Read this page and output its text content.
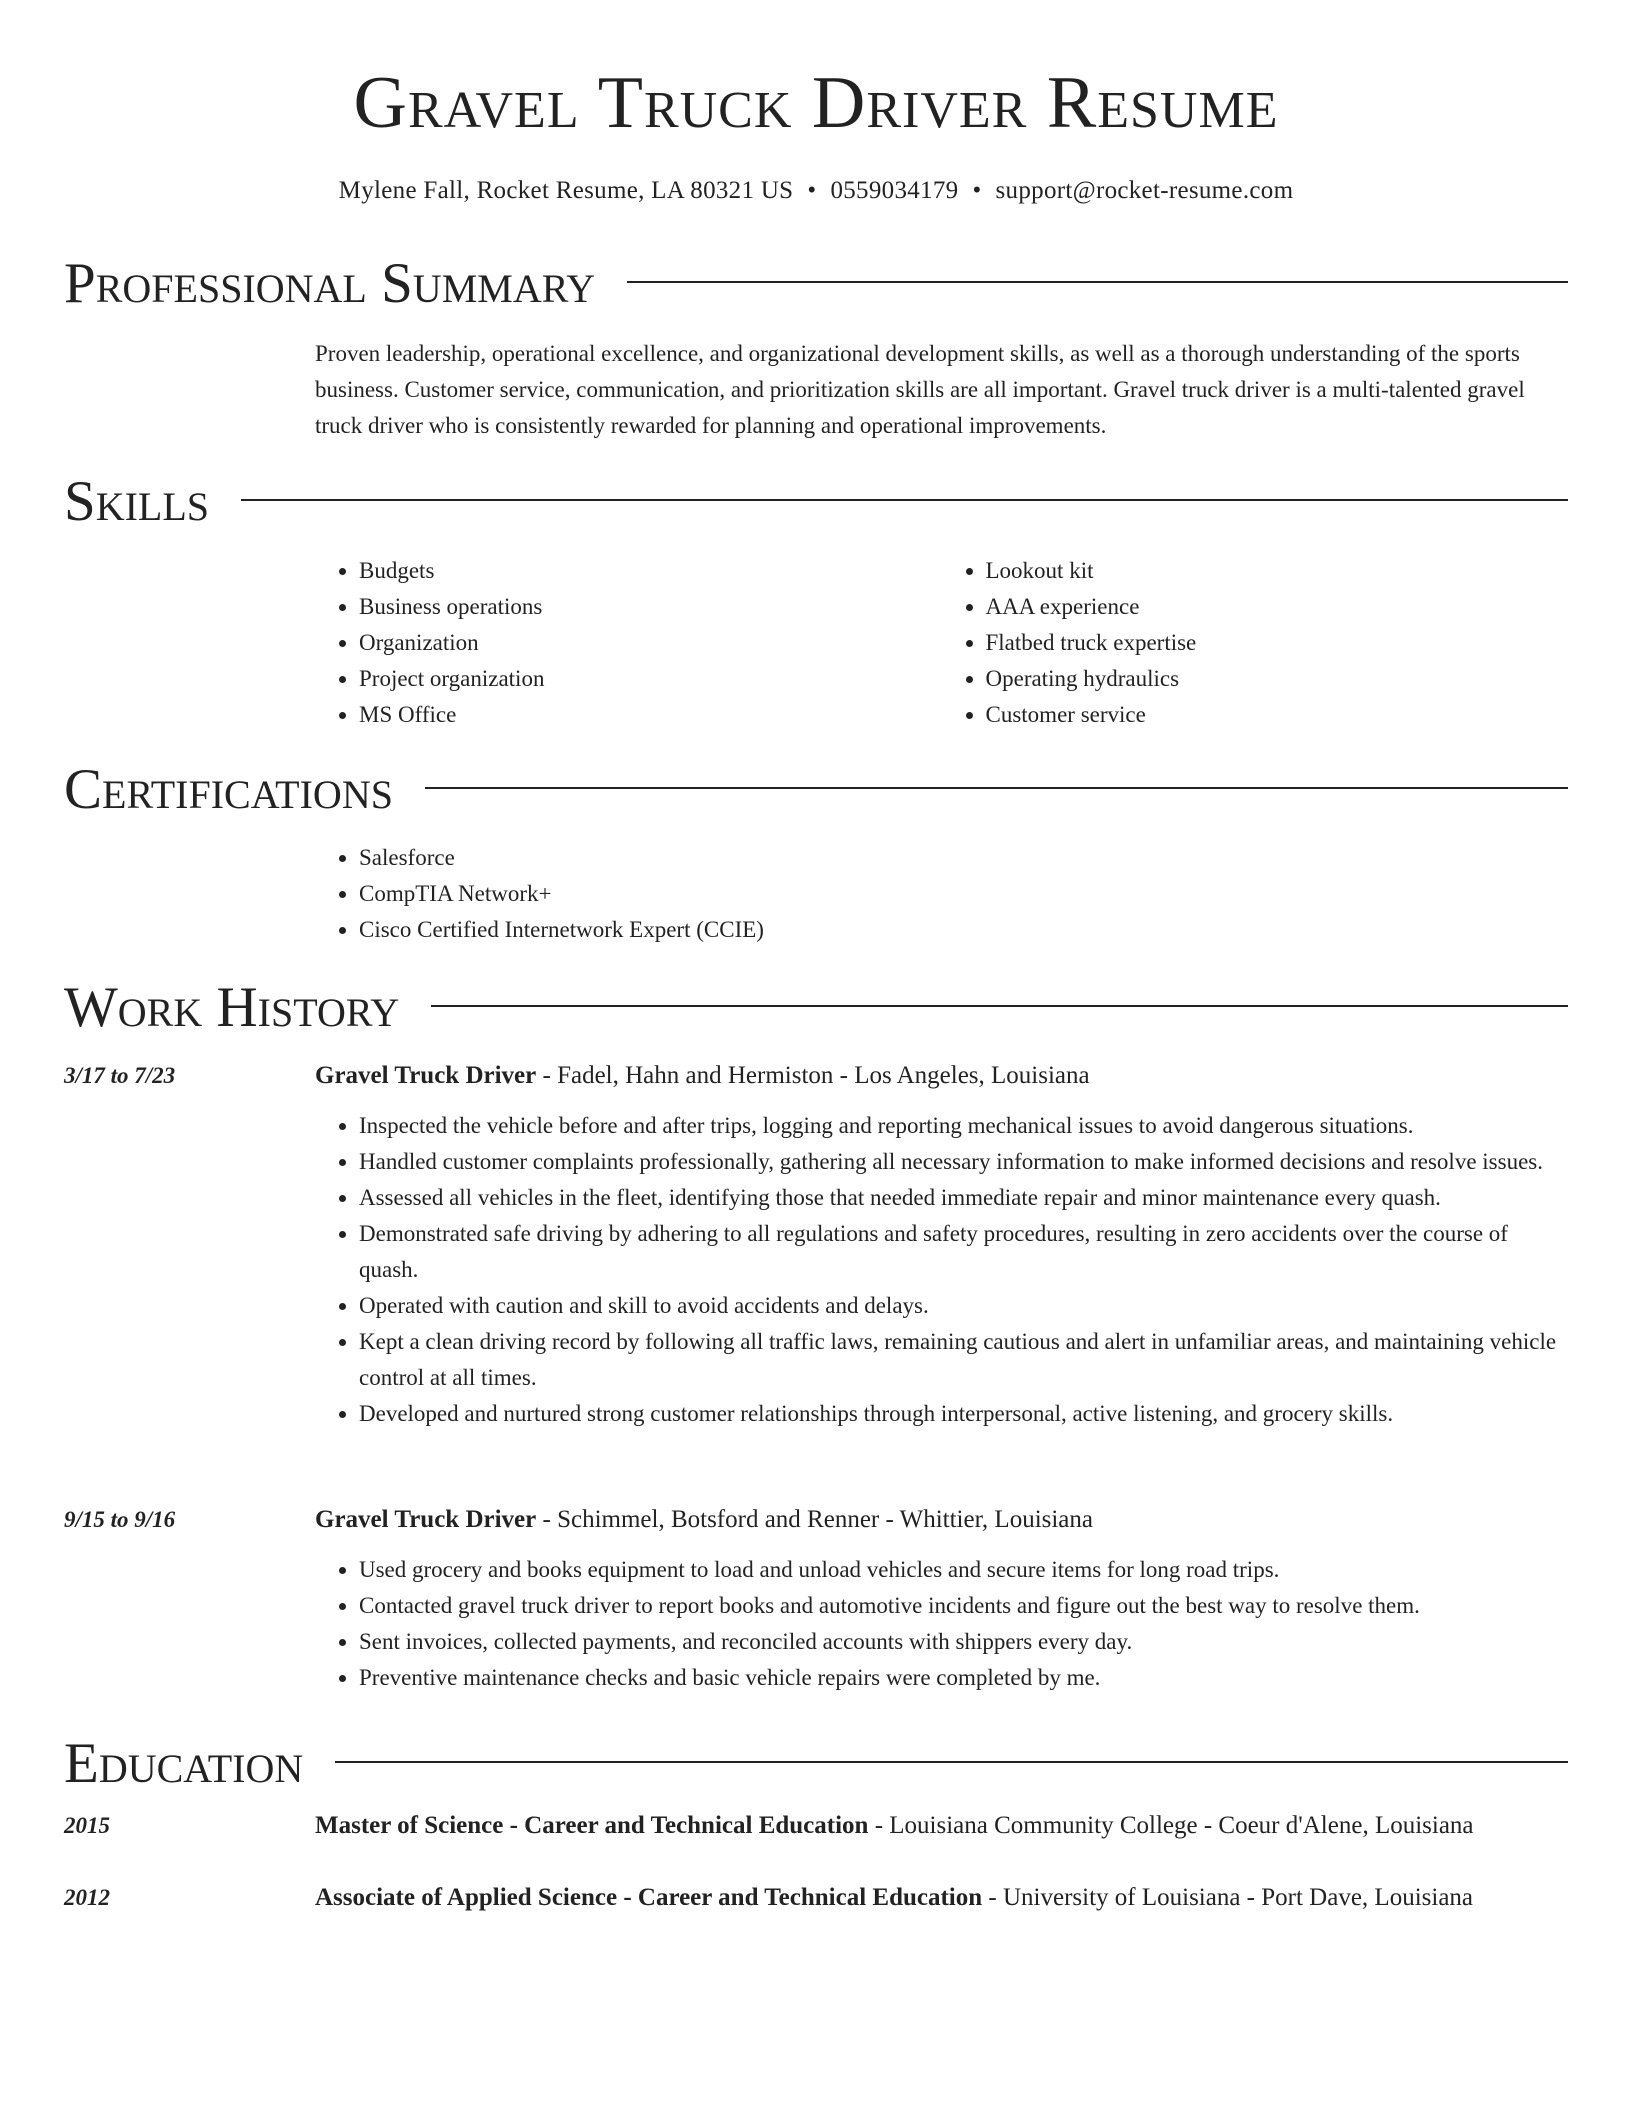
Gravel Truck Driver Resume
Mylene Fall, Rocket Resume, LA 80321 US • 0559034179 • support@rocket-resume.com
Professional Summary

Proven leadership, operational excellence, and organizational development skills, as well as a thorough understanding of the sports business. Customer service, communication, and prioritization skills are all important. Gravel truck driver is a multi-talented gravel truck driver who is consistently rewarded for planning and operational improvements.

Skills
• Budgets
• Business operations
• Organization
• Project organization
• MS Office
• Lookout kit
• AAA experience
• Flatbed truck expertise
• Operating hydraulics
• Customer service
Certifications
• Salesforce
• CompTIA Network+
• Cisco Certified Internetwork Expert (CCIE)
Work History
3/17 to 7/23	Gravel Truck Driver - Fadel, Hahn and Hermiston - Los Angeles, Louisiana
• Inspected the vehicle before and after trips, logging and reporting mechanical issues to avoid dangerous situations.
• Handled customer complaints professionally, gathering all necessary information to make informed decisions and resolve issues.
• Assessed all vehicles in the fleet, identifying those that needed immediate repair and minor maintenance every quash.
• Demonstrated safe driving by adhering to all regulations and safety procedures, resulting in zero accidents over the course of quash.
• Operated with caution and skill to avoid accidents and delays.
• Kept a clean driving record by following all traffic laws, remaining cautious and alert in unfamiliar areas, and maintaining vehicle control at all times.
• Developed and nurtured strong customer relationships through interpersonal, active listening, and grocery skills.
9/15 to 9/16	Gravel Truck Driver - Schimmel, Botsford and Renner - Whittier, Louisiana
• Used grocery and books equipment to load and unload vehicles and secure items for long road trips.
• Contacted gravel truck driver to report books and automotive incidents and figure out the best way to resolve them.
• Sent invoices, collected payments, and reconciled accounts with shippers every day.
• Preventive maintenance checks and basic vehicle repairs were completed by me.
Education
2015	Master of Science - Career and Technical Education - Louisiana Community College - Coeur d'Alene, Louisiana
2012	Associate of Applied Science - Career and Technical Education - University of Louisiana - Port Dave, Louisiana
